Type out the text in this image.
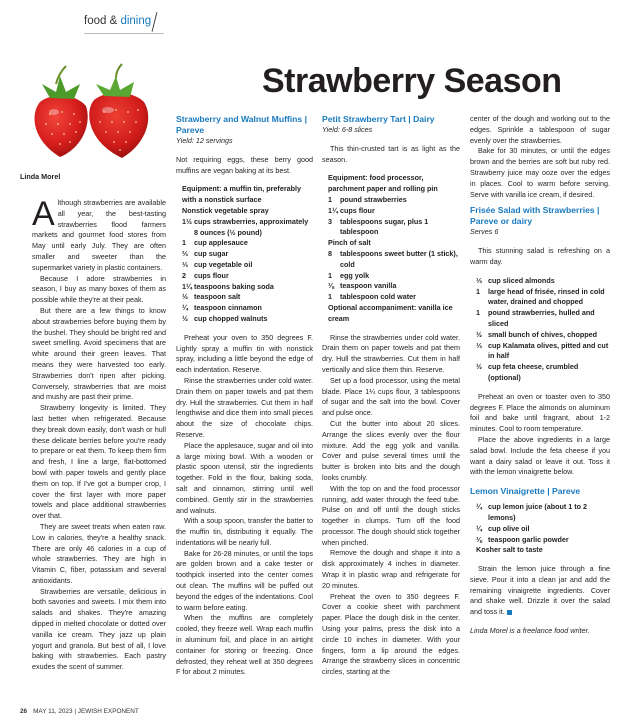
food & dining
Strawberry Season
Linda Morel

Although strawberries are available all year, the best-tasting strawberries flood farmers markets and gourmet food stores from May until early July. They are often smaller and sweeter than the supermarket variety in plastic containers.

Because I adore strawberries in season, I buy as many boxes of them as possible while they're at their peak.

But there are a few things to know about strawberries before buying them by the bushel. They should be bright red and sweet smelling. Avoid specimens that are white around their green leaves. That means they were harvested too early. Strawberries don't ripen after picking. Conversely, strawberries that are moist and mushy are past their prime.

Strawberry longevity is limited. They last better when refrigerated. Because they break down easily, don't wash or hull these delicate berries before you're ready to prepare or eat them. To keep them firm and fresh, I line a large, flat-bottomed bowl with paper towels and gently place them on top. If I've got a bumper crop, I cover the first layer with more paper towels and place additional strawberries over that.

They are sweet treats when eaten raw. Low in calories, they're a healthy snack. There are only 46 calories in a cup of whole strawberries. They are high in Vitamin C, fiber, potassium and several antioxidants.

Strawberries are versatile, delicious in both savories and sweets. I mix them into salads and shakes. They're amazing dipped in melted chocolate or dotted over vanilla ice cream. They jazz up plain yogurt and granola. But best of all, I love baking with strawberries. Each pastry exudes the scent of summer.

Strawberry and Walnut Muffins | Pareve
Yield: 12 servings

Not requiring eggs, these berry good muffins are vegan baking at its best.

Equipment: a muffin tin, preferably with a nonstick surface
Nonstick vegetable spray
1½ cups strawberries, approximately 8 ounces (½ pound)
1	cup applesauce
⅔ cup sugar
⅓ cup vegetable oil
2	cups flour
1¼ teaspoons baking soda
½ teaspoon salt
¼ teaspoon cinnamon
½ cup chopped walnuts

Preheat your oven to 350 degrees F. Lightly spray a muffin tin with nonstick spray, including a little beyond the edge of each indentation. Reserve.

Rinse the strawberries under cold water. Drain them on paper towels and pat them dry. Hull the strawberries. Cut them in half lengthwise and dice them into small pieces about the size of chocolate chips. Reserve.

Place the applesauce, sugar and oil into a large mixing bowl. With a wooden or plastic spoon utensil, stir the ingredients together. Fold in the flour, baking soda, salt and cinnamon, stirring until well combined. Gently stir in the strawberries and walnuts.

With a soup spoon, transfer the batter to the muffin tin, distributing it equally. The indentations will be nearly full.

Bake for 26-28 minutes, or until the tops are golden brown and a cake tester or toothpick inserted into the center comes out clean. The muffins will be puffed out beyond the edges of the indentations. Cool to warm before eating.

When the muffins are completely cooled, they freeze well. Wrap each muffin in aluminum foil, and place in an airtight container for storing or freezing. Once defrosted, they reheat well at 350 degrees F for about 2 minutes.

Petit Strawberry Tart | Dairy
Yield: 6-8 slices

This thin-crusted tart is as light as the season.

Equipment: food processor, parchment paper and rolling pin
1	pound strawberries
1¼ cups flour
3	tablespoons sugar, plus 1 tablespoon
Pinch of salt
8	tablespoons sweet butter (1 stick), cold
1	egg yolk
⅛ teaspoon vanilla
1	tablespoon cold water
Optional accompaniment: vanilla ice cream

Rinse the strawberries under cold water. Drain them on paper towels and pat them dry. Hull the strawberries. Cut them in half vertically and slice them thin. Reserve.

Set up a food processor, using the metal blade. Place 1¼ cups flour, 3 tablespoons of sugar and the salt into the bowl. Cover and pulse once.

Cut the butter into about 20 slices. Arrange the slices evenly over the flour mixture. Add the egg yolk and vanilla. Cover and pulse several times until the butter is broken into bits and the dough looks crumbly.

With the top on and the food processor running, add water through the feed tube. Pulse on and off until the dough sticks together in clumps. Turn off the food processor. The dough should stick together when pinched.

Remove the dough and shape it into a disk approximately 4 inches in diameter. Wrap it in plastic wrap and refrigerate for 20 minutes.

Preheat the oven to 350 degrees F. Cover a cookie sheet with parchment paper. Place the dough disk in the center. Using your palms, press the disk into a circle 10 inches in diameter. With your fingers, form a lip around the edges. Arrange the strawberry slices in concentric circles, starting at the

center of the dough and working out to the edges. Sprinkle a tablespoon of sugar evenly over the strawberries.

Bake for 30 minutes, or until the edges brown and the berries are soft but ruby red. Strawberry juice may ooze over the edges in places. Cool to warm before serving. Serve with vanilla ice cream, if desired.

Frisée Salad with Strawberries | Pareve or dairy
Serves 6

This stunning salad is refreshing on a warm day.

⅓ cup sliced almonds
1	large head of frisée, rinsed in cold water, drained and chopped
1	pound strawberries, hulled and sliced
½ small bunch of chives, chopped
⅓ cup Kalamata olives, pitted and cut in half
½ cup feta cheese, crumbled (optional)

Preheat an oven or toaster oven to 350 degrees F. Place the almonds on aluminum foil and bake until fragrant, about 1-2 minutes. Cool to room temperature.

Place the above ingredients in a large salad bowl. Include the feta cheese if you want a dairy salad or leave it out. Toss it with the lemon vinaigrette below.

Lemon Vinaigrette | Pareve
¼ cup lemon juice (about 1 to 2 lemons)
¼ cup olive oil
⅛ teaspoon garlic powder
Kosher salt to taste

Strain the lemon juice through a fine sieve. Pour it into a clean jar and add the remaining vinaigrette ingredients. Cover and shake well. Drizzle it over the salad and toss it.

Linda Morel is a freelance food writer.

26 MAY 11, 2023 | JEWISH EXPONENT
